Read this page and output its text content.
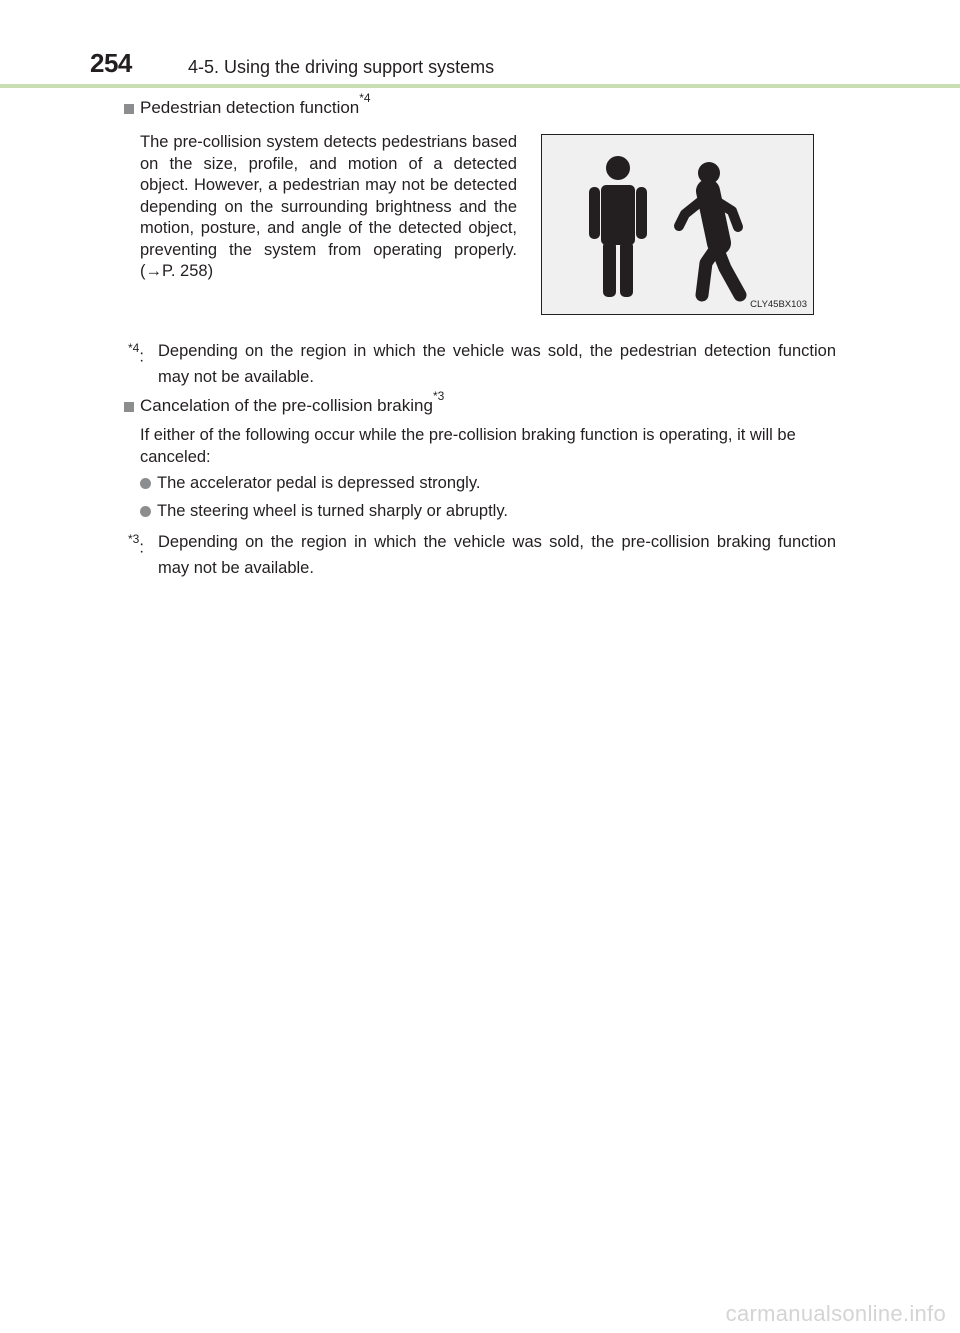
254	4-5. Using the driving support systems
Pedestrian detection function$^{*4}$
The pre-collision system detects pedestrians based on the size, profile, and motion of a detected object. However, a pedestrian may not be detected depending on the surrounding brightness and the motion, posture, and angle of the detected object, preventing the system from operating properly. (→P. 258)
CLY45BX103
$^{*4}$: Depending on the region in which the vehicle was sold, the pedestrian detection function may not be available.
Cancelation of the pre-collision braking$^{*3}$
If either of the following occur while the pre-collision braking function is operating, it will be canceled:
The accelerator pedal is depressed strongly.
The steering wheel is turned sharply or abruptly.
$^{*3}$: Depending on the region in which the vehicle was sold, the pre-collision braking function may not be available.
carmanualsonline.info
